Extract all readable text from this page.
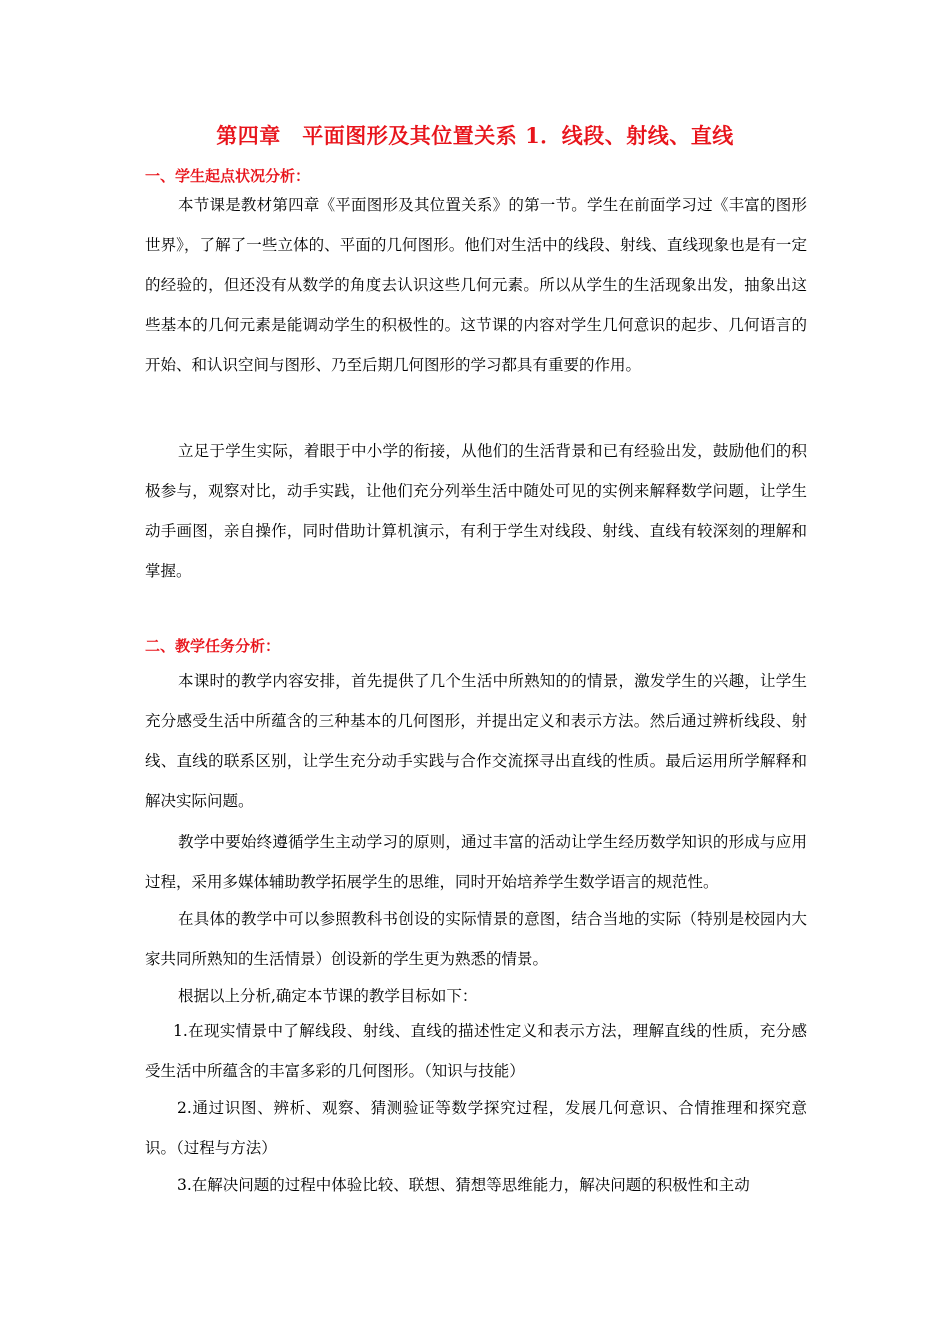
第四章　平面图形及其位置关系 1．线段、射线、直线
一、学生起点状况分析：
本节课是教材第四章《平面图形及其位置关系》的第一节。学生在前面学习过《丰富的图形世界》，了解了一些立体的、平面的几何图形。他们对生活中的线段、射线、直线现象也是有一定的经验的，但还没有从数学的角度去认识这些几何元素。所以从学生的生活现象出发，抽象出这些基本的几何元素是能调动学生的积极性的。这节课的内容对学生几何意识的起步、几何语言的开始、和认识空间与图形、乃至后期几何图形的学习都具有重要的作用。
立足于学生实际，着眼于中小学的衔接，从他们的生活背景和已有经验出发，鼓励他们的积极参与，观察对比，动手实践，让他们充分列举生活中随处可见的实例来解释数学问题，让学生动手画图，亲自操作，同时借助计算机演示，有利于学生对线段、射线、直线有较深刻的理解和掌握。
二、教学任务分析：
本课时的教学内容安排，首先提供了几个生活中所熟知的的情景，激发学生的兴趣，让学生充分感受生活中所蕴含的三种基本的几何图形，并提出定义和表示方法。然后通过辨析线段、射线、直线的联系区别，让学生充分动手实践与合作交流探寻出直线的性质。最后运用所学解释和解决实际问题。
教学中要始终遵循学生主动学习的原则，通过丰富的活动让学生经历数学知识的形成与应用过程，采用多媒体辅助教学拓展学生的思维，同时开始培养学生数学语言的规范性。
在具体的教学中可以参照教科书创设的实际情景的意图，结合当地的实际（特别是校园内大家共同所熟知的生活情景）创设新的学生更为熟悉的情景。
根据以上分析,确定本节课的教学目标如下：
1.在现实情景中了解线段、射线、直线的描述性定义和表示方法，理解直线的性质，充分感受生活中所蕴含的丰富多彩的几何图形。（知识与技能）
2.通过识图、辨析、观察、猜测验证等数学探究过程，发展几何意识、合情推理和探究意识。（过程与方法）
3.在解决问题的过程中体验比较、联想、猜想等思维能力，解决问题的积极性和主动
